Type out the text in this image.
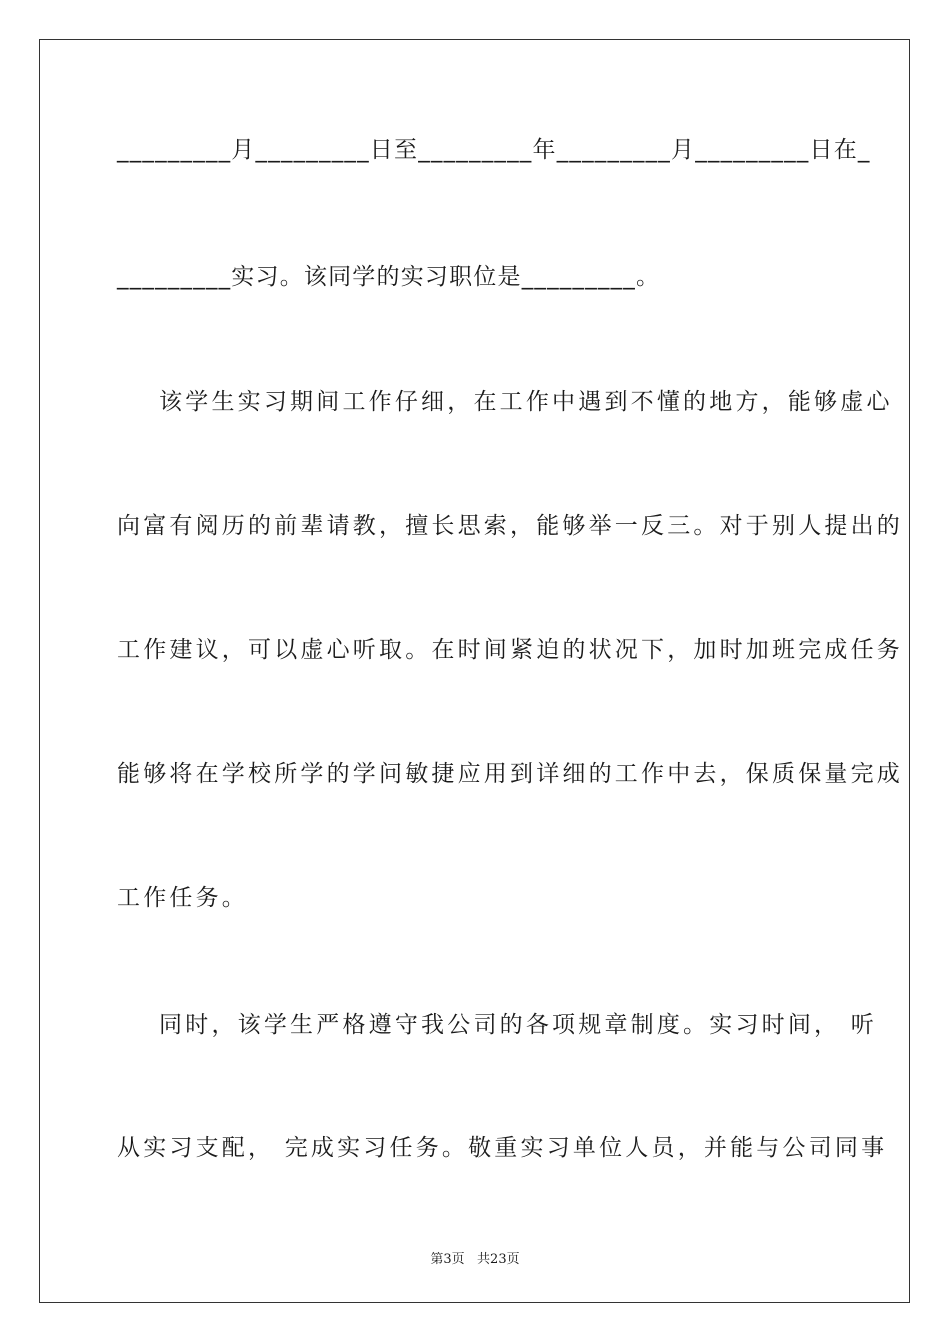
_________月_________日至_________年_________月_________日在_
_________实习。该同学的实习职位是_________。
该学生实习期间工作仔细，在工作中遇到不懂的地方，能够虚心
向富有阅历的前辈请教，擅长思索，能够举一反三。对于别人提出的
工作建议，可以虚心听取。在时间紧迫的状况下，加时加班完成任务
能够将在学校所学的学问敏捷应用到详细的工作中去，保质保量完成
工作任务。
同时，该学生严格遵守我公司的各项规章制度。实习时间， 听
从实习支配， 完成实习任务。敬重实习单位人员，并能与公司同事
第3页   共23页
